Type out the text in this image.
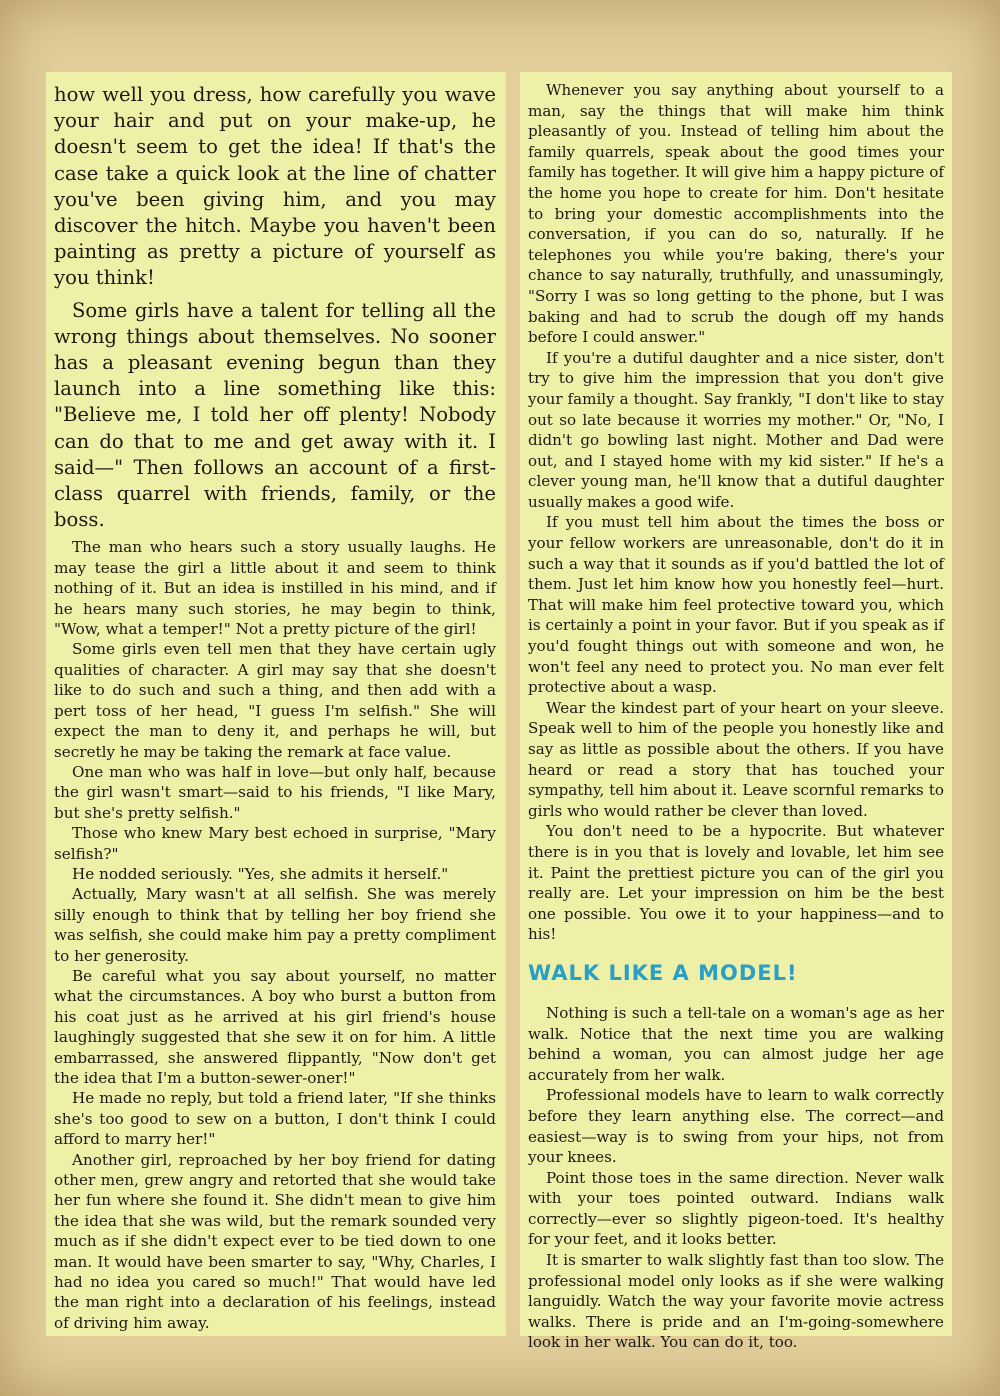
how well you dress, how carefully you wave your hair and put on your make-up, he doesn't seem to get the idea! If that's the case take a quick look at the line of chatter you've been giving him, and you may discover the hitch. Maybe you haven't been painting as pretty a picture of yourself as you think!

Some girls have a talent for telling all the wrong things about themselves. No sooner has a pleasant evening begun than they launch into a line something like this: "Believe me, I told her off plenty! Nobody can do that to me and get away with it. I said—" Then follows an account of a first-class quarrel with friends, family, or the boss.

The man who hears such a story usually laughs. He may tease the girl a little about it and seem to think nothing of it. But an idea is instilled in his mind, and if he hears many such stories, he may begin to think, "Wow, what a temper!" Not a pretty picture of the girl!

Some girls even tell men that they have certain ugly qualities of character. A girl may say that she doesn't like to do such and such a thing, and then add with a pert toss of her head, "I guess I'm selfish." She will expect the man to deny it, and perhaps he will, but secretly he may be taking the remark at face value.

One man who was half in love—but only half, because the girl wasn't smart—said to his friends, "I like Mary, but she's pretty selfish."

Those who knew Mary best echoed in surprise, "Mary selfish?"

He nodded seriously. "Yes, she admits it herself."

Actually, Mary wasn't at all selfish. She was merely silly enough to think that by telling her boy friend she was selfish, she could make him pay a pretty compliment to her generosity.

Be careful what you say about yourself, no matter what the circumstances. A boy who burst a button from his coat just as he arrived at his girl friend's house laughingly suggested that she sew it on for him. A little embarrassed, she answered flippantly, "Now don't get the idea that I'm a button-sewer-oner!"

He made no reply, but told a friend later, "If she thinks she's too good to sew on a button, I don't think I could afford to marry her!"

Another girl, reproached by her boy friend for dating other men, grew angry and retorted that she would take her fun where she found it. She didn't mean to give him the idea that she was wild, but the remark sounded very much as if she didn't expect ever to be tied down to one man. It would have been smarter to say, "Why, Charles, I had no idea you cared so much!" That would have led the man right into a declaration of his feelings, instead of driving him away.

Whenever you say anything about yourself to a man, say the things that will make him think pleasantly of you. Instead of telling him about the family quarrels, speak about the good times your family has together. It will give him a happy picture of the home you hope to create for him. Don't hesitate to bring your domestic accomplishments into the conversation, if you can do so, naturally. If he telephones you while you're baking, there's your chance to say naturally, truthfully, and unassumingly, "Sorry I was so long getting to the phone, but I was baking and had to scrub the dough off my hands before I could answer."

If you're a dutiful daughter and a nice sister, don't try to give him the impression that you don't give your family a thought. Say frankly, "I don't like to stay out so late because it worries my mother." Or, "No, I didn't go bowling last night. Mother and Dad were out, and I stayed home with my kid sister." If he's a clever young man, he'll know that a dutiful daughter usually makes a good wife.

If you must tell him about the times the boss or your fellow workers are unreasonable, don't do it in such a way that it sounds as if you'd battled the lot of them. Just let him know how you honestly feel—hurt. That will make him feel protective toward you, which is certainly a point in your favor. But if you speak as if you'd fought things out with someone and won, he won't feel any need to protect you. No man ever felt protective about a wasp.

Wear the kindest part of your heart on your sleeve. Speak well to him of the people you honestly like and say as little as possible about the others. If you have heard or read a story that has touched your sympathy, tell him about it. Leave scornful remarks to girls who would rather be clever than loved.

You don't need to be a hypocrite. But whatever there is in you that is lovely and lovable, let him see it. Paint the prettiest picture you can of the girl you really are. Let your impression on him be the best one possible. You owe it to your happiness—and to his!

WALK LIKE A MODEL!

Nothing is such a tell-tale on a woman's age as her walk. Notice that the next time you are walking behind a woman, you can almost judge her age accurately from her walk.

Professional models have to learn to walk correctly before they learn anything else. The correct—and easiest—way is to swing from your hips, not from your knees.

Point those toes in the same direction. Never walk with your toes pointed outward. Indians walk correctly—ever so slightly pigeon-toed. It's healthy for your feet, and it looks better.

It is smarter to walk slightly fast than too slow. The professional model only looks as if she were walking languidly. Watch the way your favorite movie actress walks. There is pride and an I'm-going-somewhere look in her walk. You can do it, too.
